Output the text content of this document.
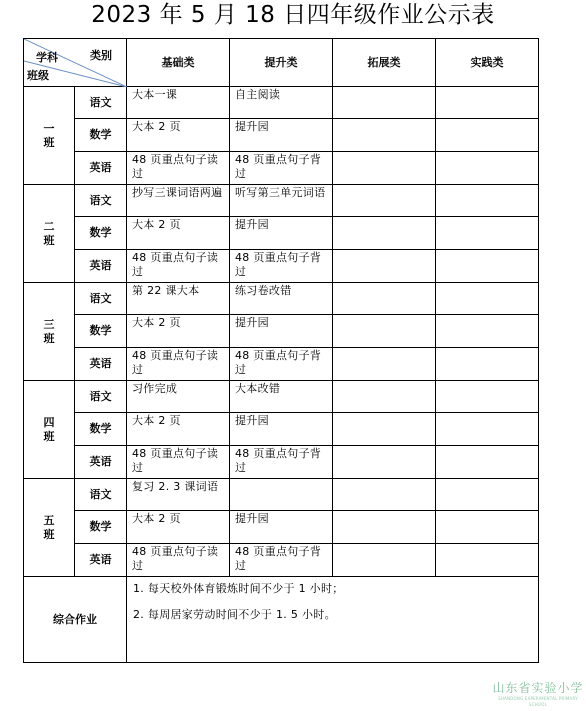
2023 年 5 月 18 日四年级作业公示表
学科 类别
班级		基础类	提升类	拓展类	实践类
一班	语文	大本一课	自主阅读		
	数学	大本 2 页	提升园		
	英语	48 页重点句子读过	48 页重点句子背过		
二班	语文	抄写三课词语两遍	听写第三单元词语		
	数学	大本 2 页	提升园		
	英语	48 页重点句子读过	48 页重点句子背过		
三班	语文	第 22 课大本	练习卷改错		
	数学	大本 2 页	提升园		
	英语	48 页重点句子读过	48 页重点句子背过		
四班	语文	习作完成	大本改错		
	数学	大本 2 页	提升园		
	英语	48 页重点句子读过	48 页重点句子背过		
五班	语文	复习 2. 3 课词语			
	数学	大本 2 页	提升园		
	英语	48 页重点句子读过	48 页重点句子背过		
综合作业		1. 每天校外体育锻炼时间不少于 1 小时；

2. 每周居家劳动时间不少于 1. 5 小时。			

山东省实验小学
SHANDONG EXPERIMENTAL PRIMARY SCHOOL
